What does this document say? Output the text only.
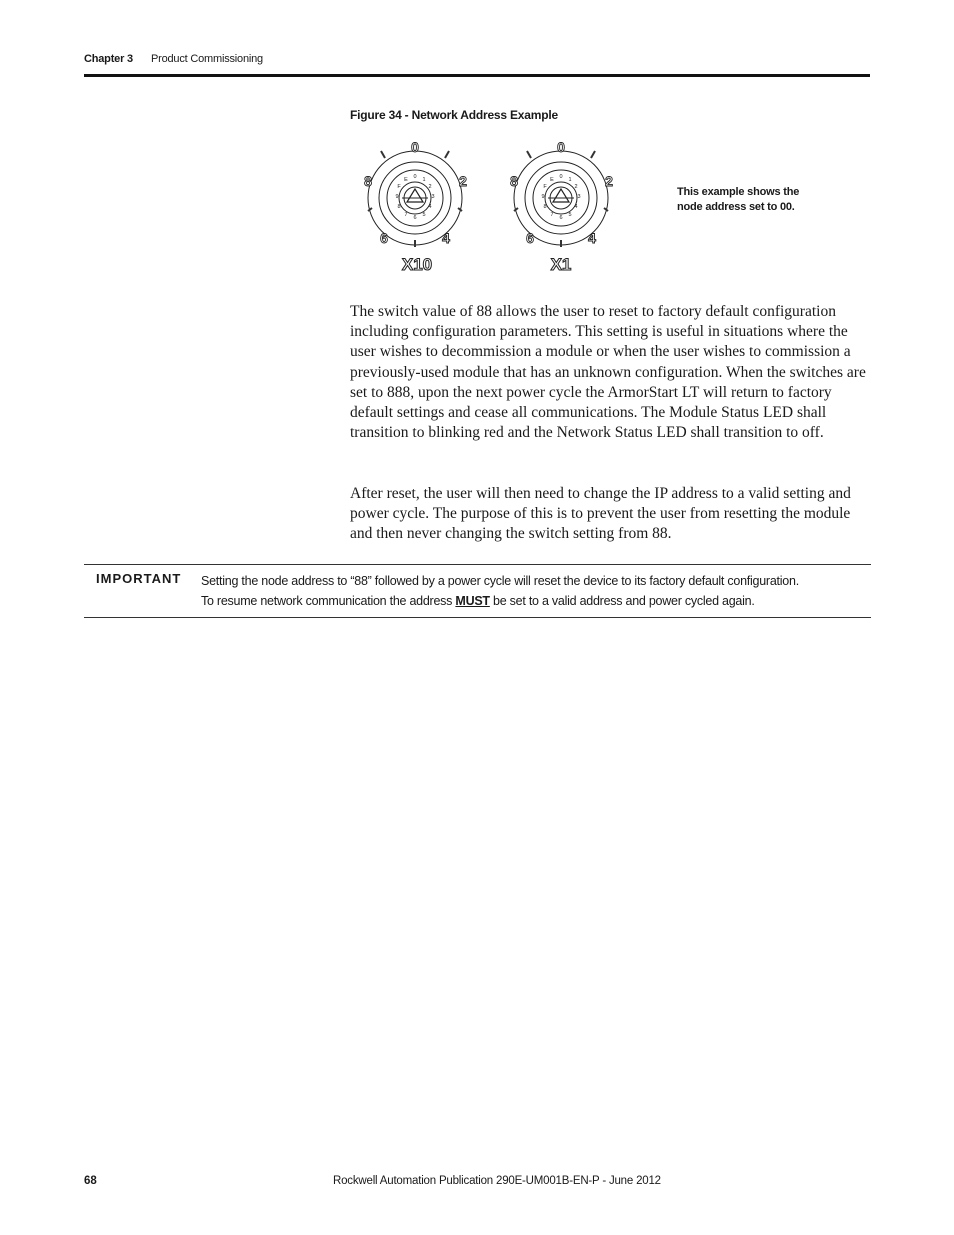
Chapter 3 Product Commissioning
Figure 34 - Network Address Example
0 1
2
3
4
5
6
7
8
9
F
E
0
2
4
6
8
X10
0 1
2
3
4
5
6
7
8
9
F
E
0
2
4
6
8
X1
This example shows the
node address set to 00.
The switch value of 88 allows the user to reset to factory default configuration including configuration parameters. This setting is useful in situations where the user wishes to decommission a module or when the user wishes to commission a previously-used module that has an unknown configuration. When the switches are set to 888, upon the next power cycle the ArmorStart LT will return to factory default settings and cease all communications. The Module Status LED shall transition to blinking red and the Network Status LED shall transition to off.
After reset, the user will then need to change the IP address to a valid setting and power cycle. The purpose of this is to prevent the user from resetting the module and then never changing the switch setting from 88.
IMPORTANT Setting the node address to “88” followed by a power cycle will reset the device to its factory default configuration.
To resume network communication the address MUST be set to a valid address and power cycled again.
68	Rockwell Automation Publication 290E-UM001B-EN-P - June 2012
